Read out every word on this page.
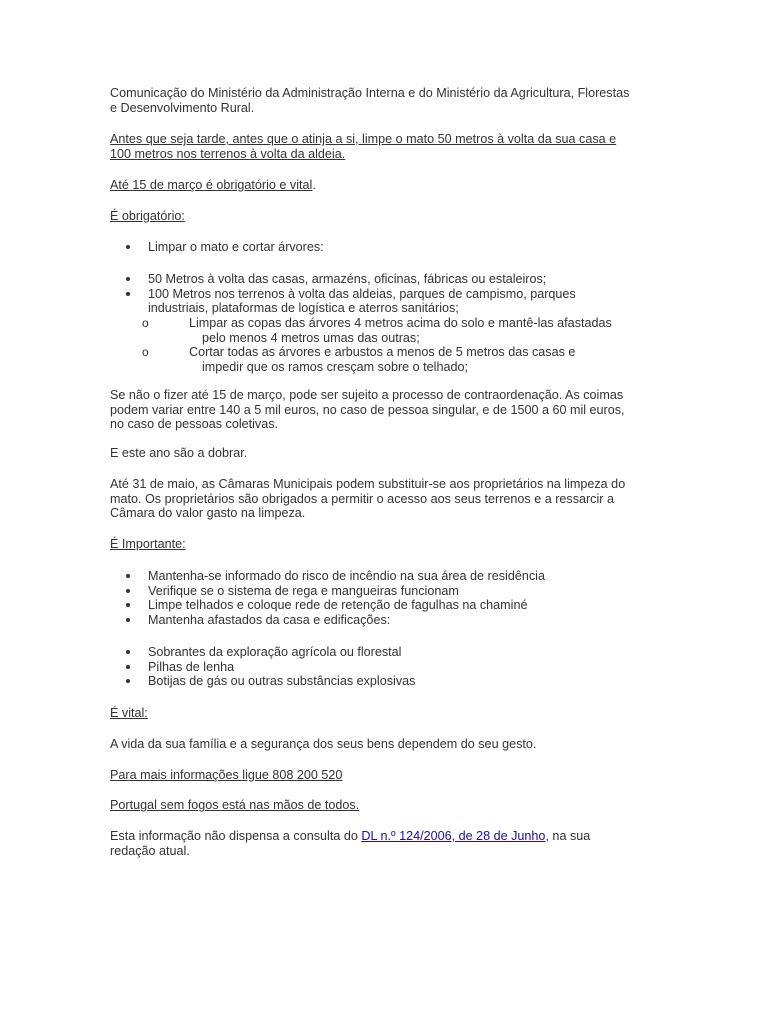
Comunicação do Ministério da Administração Interna e do Ministério da Agricultura, Florestas e Desenvolvimento Rural.

Antes que seja tarde, antes que o atinja a si, limpe o mato 50 metros à volta da sua casa e 100 metros nos terrenos à volta da aldeia.

Até 15 de março é obrigatório e vital.

É obrigatório:

Limpar o mato e cortar árvores:
50 Metros à volta das casas, armazéns, oficinas, fábricas ou estaleiros;
100 Metros nos terrenos à volta das aldeias, parques de campismo, parques industriais, plataformas de logística e aterros sanitários;
o Limpar as copas das árvores 4 metros acima do solo e mantê-las afastadas pelo menos 4 metros umas das outras;
o Cortar todas as árvores e arbustos a menos de 5 metros das casas e impedir que os ramos cresçam sobre o telhado;

Se não o fizer até 15 de março, pode ser sujeito a processo de contraordenação. As coimas podem variar entre 140 a 5 mil euros, no caso de pessoa singular, e de 1500 a 60 mil euros, no caso de pessoas coletivas.

E este ano são a dobrar.

Até 31 de maio, as Câmaras Municipais podem substituir-se aos proprietários na limpeza do mato. Os proprietários são obrigados a permitir o acesso aos seus terrenos e a ressarcir a Câmara do valor gasto na limpeza.

É Importante:

Mantenha-se informado do risco de incêndio na sua área de residência
Verifique se o sistema de rega e mangueiras funcionam
Limpe telhados e coloque rede de retenção de fagulhas na chaminé
Mantenha afastados da casa e edificações:
Sobrantes da exploração agrícola ou florestal
Pilhas de lenha
Botijas de gás ou outras substâncias explosivas

É vital:

A vida da sua família e a segurança dos seus bens dependem do seu gesto.

Para mais informações ligue 808 200 520

Portugal sem fogos está nas mãos de todos.

Esta informação não dispensa a consulta do DL n.º 124/2006, de 28 de Junho, na sua redação atual.
